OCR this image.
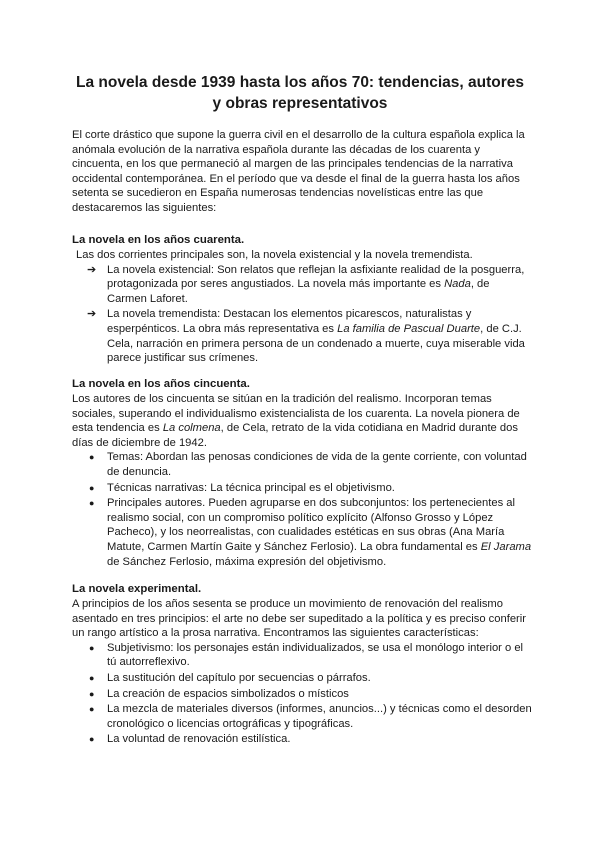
La novela desde 1939 hasta los años 70: tendencias, autores y obras representativos

El corte drástico que supone la guerra civil en el desarrollo de la cultura española explica la anómala evolución de la narrativa española durante las décadas de los cuarenta y cincuenta, en los que permaneció al margen de las principales tendencias de la narrativa occidental contemporánea. En el período que va desde el final de la guerra hasta los años setenta se sucedieron en España numerosas tendencias novelísticas entre las que destacaremos las siguientes:

La novela en los años cuarenta.

Las dos corrientes principales son, la novela existencial y la novela tremendista.

➔ La novela existencial: Son relatos que reflejan la asfixiante realidad de la posguerra, protagonizada por seres angustiados. La novela más importante es Nada, de Carmen Laforet.
➔ La novela tremendista: Destacan los elementos picarescos, naturalistas y esperpénticos. La obra más representativa es La familia de Pascual Duarte, de C.J. Cela, narración en primera persona de un condenado a muerte, cuya miserable vida parece justificar sus crímenes.

La novela en los años cincuenta.

Los autores de los cincuenta se sitúan en la tradición del realismo. Incorporan temas sociales, superando el individualismo existencialista de los cuarenta. La novela pionera de esta tendencia es La colmena, de Cela, retrato de la vida cotidiana en Madrid durante dos días de diciembre de 1942.

● Temas: Abordan las penosas condiciones de vida de la gente corriente, con voluntad de denuncia.
● Técnicas narrativas: La técnica principal es el objetivismo.
● Principales autores. Pueden agruparse en dos subconjuntos: los pertenecientes al realismo social, con un compromiso político explícito (Alfonso Grosso y López Pacheco), y los neorrealistas, con cualidades estéticas en sus obras (Ana María Matute, Carmen Martín Gaite y Sánchez Ferlosio). La obra fundamental es El Jarama de Sánchez Ferlosio, máxima expresión del objetivismo.

La novela experimental.

A principios de los años sesenta se produce un movimiento de renovación del realismo asentado en tres principios: el arte no debe ser supeditado a la política y es preciso conferir un rango artístico a la prosa narrativa. Encontramos las siguientes características:

● Subjetivismo: los personajes están individualizados, se usa el monólogo interior o el tú autorreflexivo.
● La sustitución del capítulo por secuencias o párrafos.
● La creación de espacios simbolizados o místicos
● La mezcla de materiales diversos (informes, anuncios...) y técnicas como el desorden cronológico o licencias ortográficas y tipográficas.
● La voluntad de renovación estilística.
